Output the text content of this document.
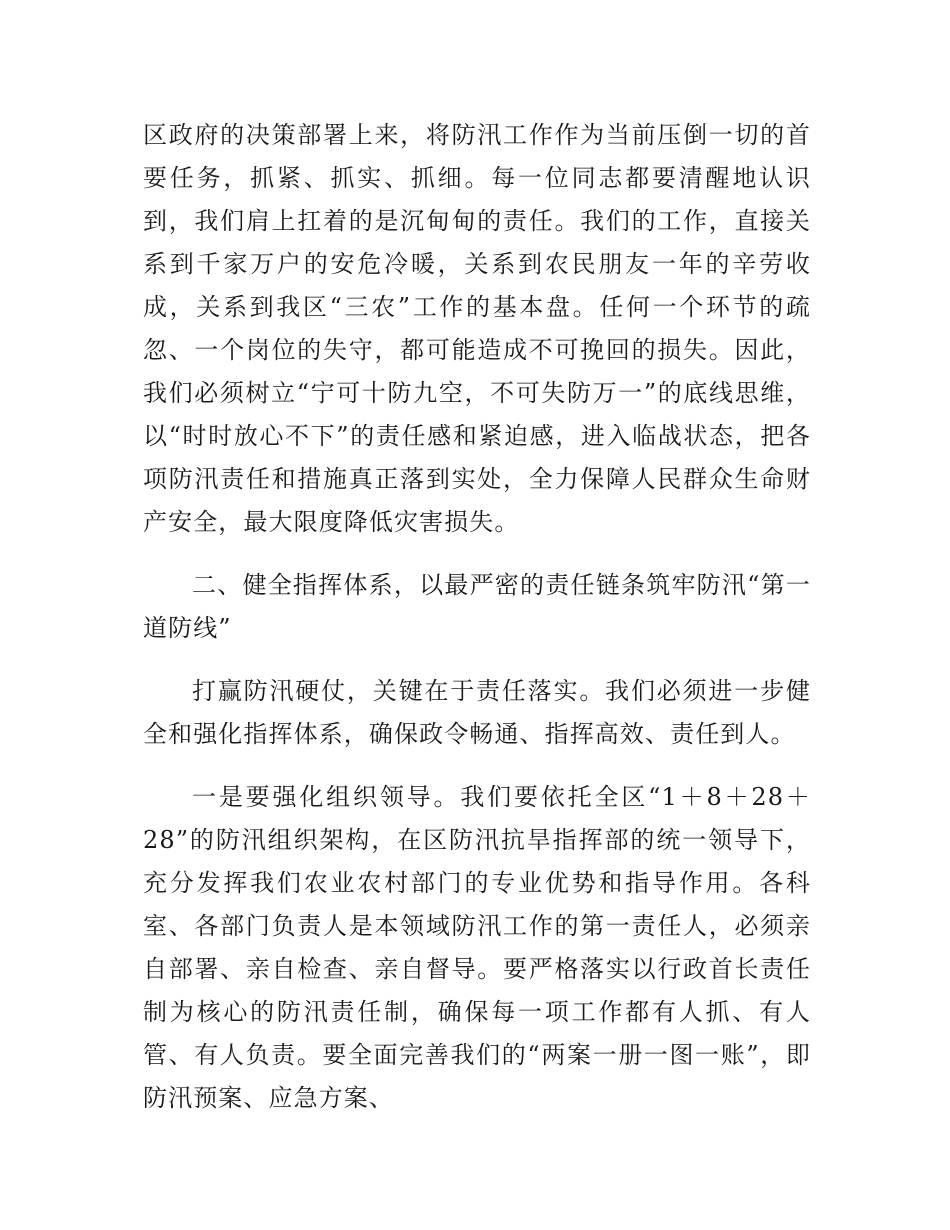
区政府的决策部署上来，将防汛工作作为当前压倒一切的首要任务，抓紧、抓实、抓细。每一位同志都要清醒地认识到，我们肩上扛着的是沉甸甸的责任。我们的工作，直接关系到千家万户的安危冷暖，关系到农民朋友一年的辛劳收成，关系到我区“三农”工作的基本盘。任何一个环节的疏忽、一个岗位的失守，都可能造成不可挽回的损失。因此，我们必须树立“宁可十防九空，不可失防万一”的底线思维，以“时时放心不下”的责任感和紧迫感，进入临战状态，把各项防汛责任和措施真正落到实处，全力保障人民群众生命财产安全，最大限度降低灾害损失。

二、健全指挥体系，以最严密的责任链条筑牢防汛“第一道防线”

打赢防汛硬仗，关键在于责任落实。我们必须进一步健全和强化指挥体系，确保政令畅通、指挥高效、责任到人。

一是要强化组织领导。我们要依托全区“1＋8＋28＋28”的防汛组织架构，在区防汛抗旱指挥部的统一领导下，充分发挥我们农业农村部门的专业优势和指导作用。各科室、各部门负责人是本领域防汛工作的第一责任人，必须亲自部署、亲自检查、亲自督导。要严格落实以行政首长责任制为核心的防汛责任制，确保每一项工作都有人抓、有人管、有人负责。要全面完善我们的“两案一册一图一账”，即防汛预案、应急方案、
